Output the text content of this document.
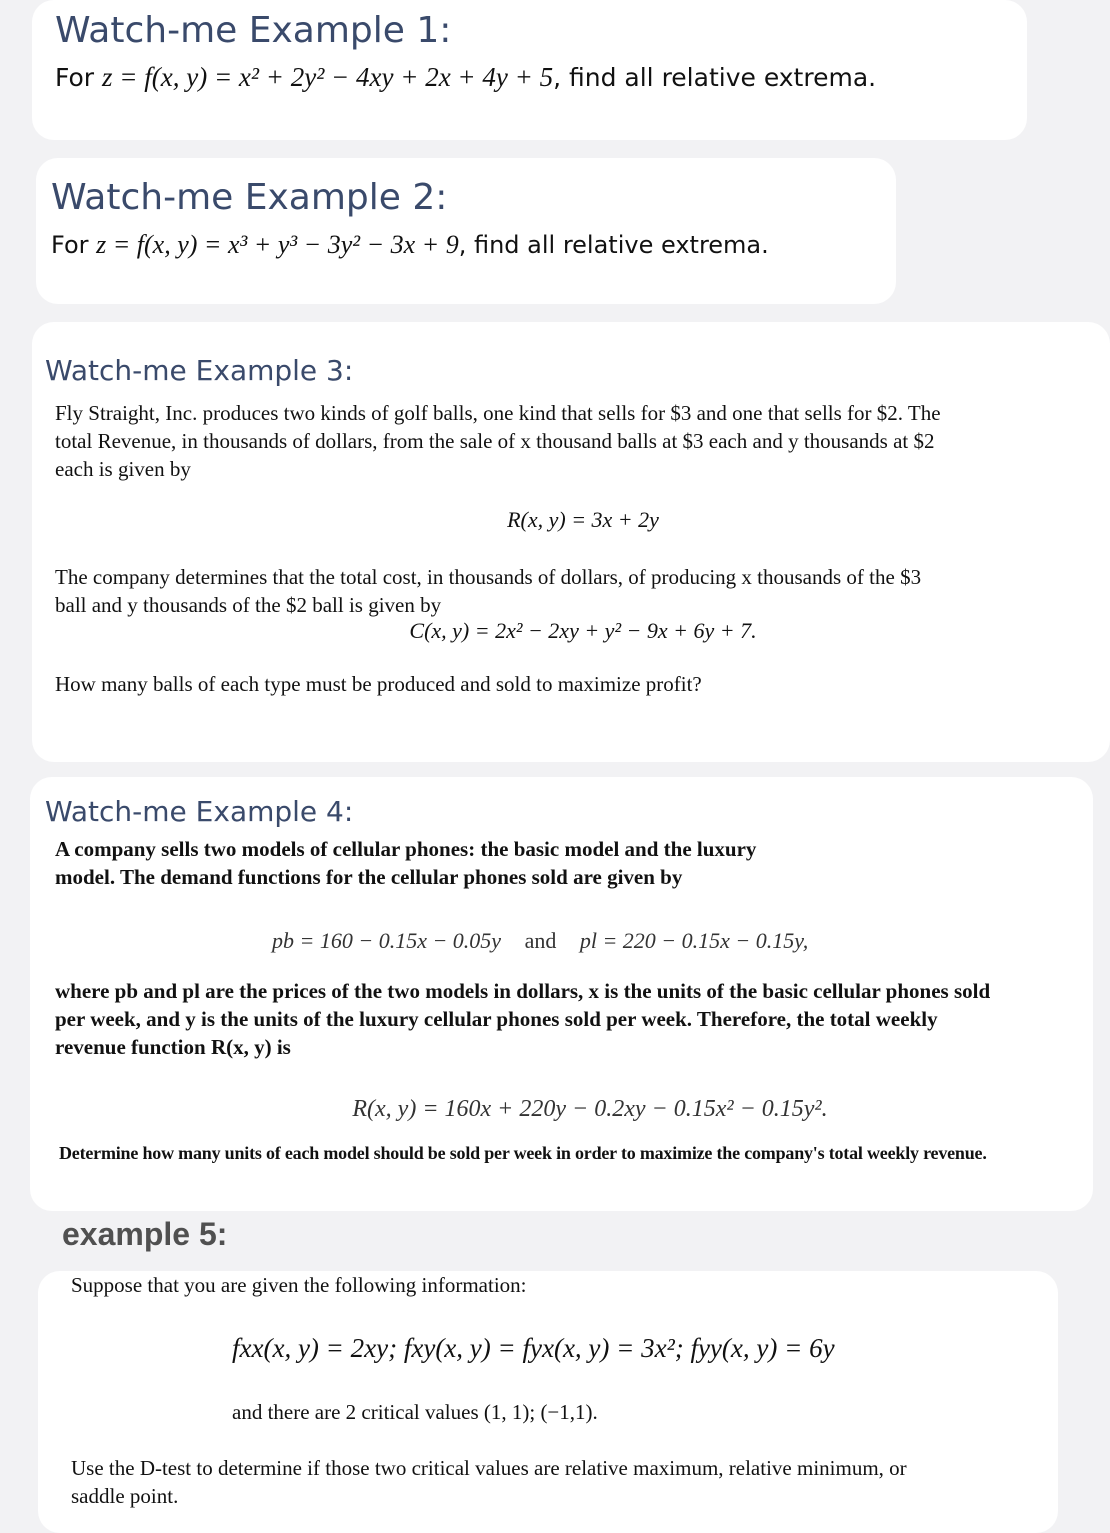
Watch-me Example 1:
For z = f(x, y) = x² + 2y² − 4xy + 2x + 4y + 5, find all relative extrema.
Watch-me Example 2:
For z = f(x, y) = x³ + y³ − 3y² − 3x + 9, find all relative extrema.
Watch-me Example 3:
Fly Straight, Inc. produces two kinds of golf balls, one kind that sells for $3 and one that sells for $2. The
total Revenue, in thousands of dollars, from the sale of x thousand balls at $3 each and y thousands at $2
each is given by
R(x, y) = 3x + 2y
The company determines that the total cost, in thousands of dollars, of producing x thousands of the $3
ball and y thousands of the $2 ball is given by
C(x, y) = 2x² − 2xy + y² − 9x + 6y + 7.
How many balls of each type must be produced and sold to maximize profit?
Watch-me Example 4:
A company sells two models of cellular phones: the basic model and the luxury
model. The demand functions for the cellular phones sold are given by
pb = 160 − 0.15x − 0.05y and pl = 220 − 0.15x − 0.15y,
where pb and pl are the prices of the two models in dollars, x is the units of the basic cellular phones sold
per week, and y is the units of the luxury cellular phones sold per week. Therefore, the total weekly
revenue function R(x, y) is
R(x, y) = 160x + 220y − 0.2xy − 0.15x² − 0.15y².
Determine how many units of each model should be sold per week in order to maximize the company's total weekly revenue.
example 5:
Suppose that you are given the following information:
fxx(x, y) = 2xy; fxy(x, y) = fyx(x, y) = 3x²; fyy(x, y) = 6y
and there are 2 critical values (1, 1); (−1,1).
Use the D-test to determine if those two critical values are relative maximum, relative minimum, or
saddle point.
